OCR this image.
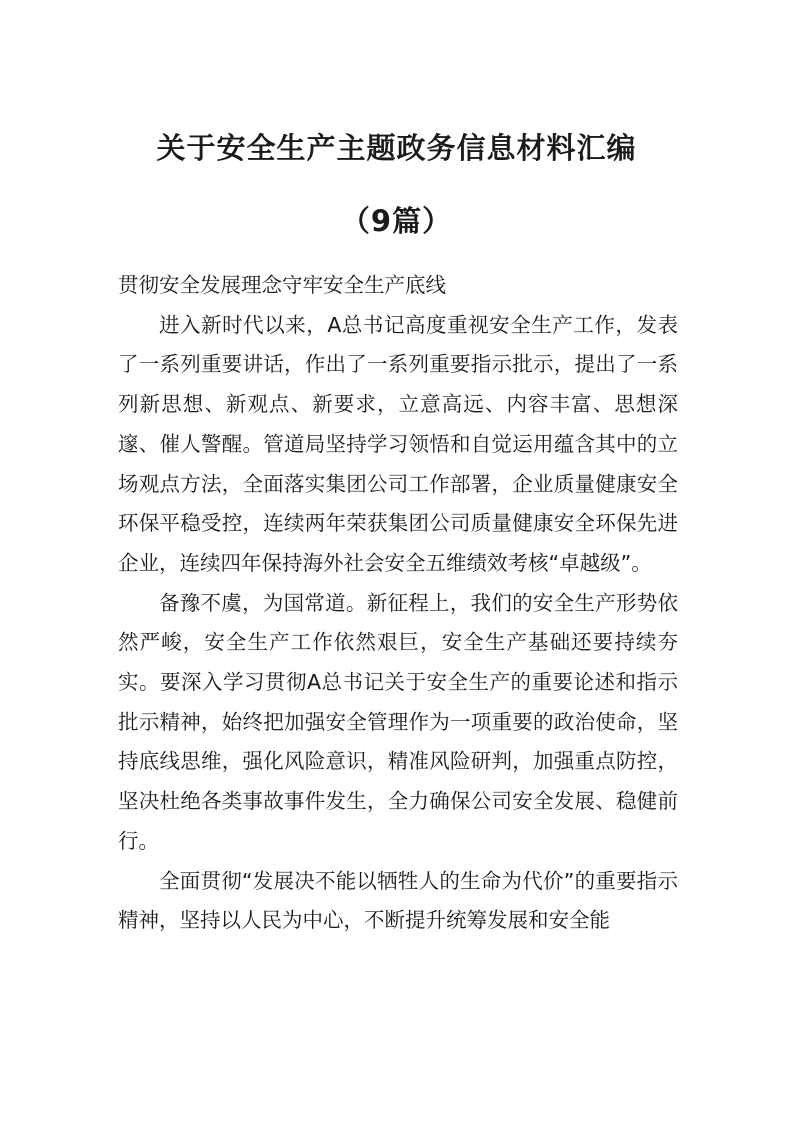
关于安全生产主题政务信息材料汇编
（9篇）

贯彻安全发展理念守牢安全生产底线

进入新时代以来，A总书记高度重视安全生产工作，发表了一系列重要讲话，作出了一系列重要指示批示，提出了一系列新思想、新观点、新要求，立意高远、内容丰富、思想深邃、催人警醒。管道局坚持学习领悟和自觉运用蕴含其中的立场观点方法，全面落实集团公司工作部署，企业质量健康安全环保平稳受控，连续两年荣获集团公司质量健康安全环保先进企业，连续四年保持海外社会安全五维绩效考核“卓越级”。

备豫不虞，为国常道。新征程上，我们的安全生产形势依然严峻，安全生产工作依然艰巨，安全生产基础还要持续夯实。要深入学习贯彻A总书记关于安全生产的重要论述和指示批示精神，始终把加强安全管理作为一项重要的政治使命，坚持底线思维，强化风险意识，精准风险研判，加强重点防控，坚决杜绝各类事故事件发生，全力确保公司安全发展、稳健前行。

全面贯彻“发展决不能以牺牲人的生命为代价”的重要指示精神，坚持以人民为中心，不断提升统筹发展和安全能
